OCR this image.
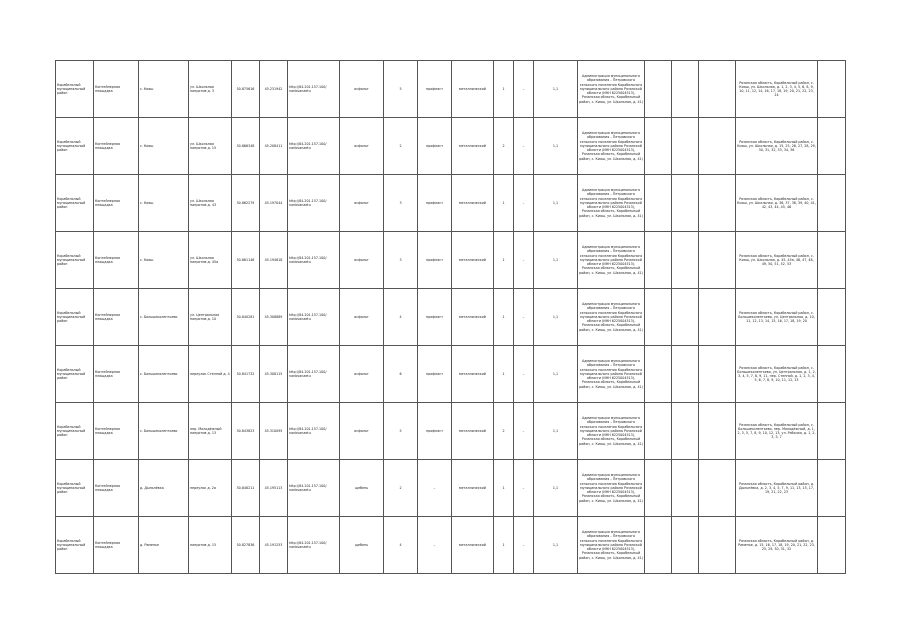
Корабельный муниципальный район	Контейнерная площадка	с. Кияш	ул. Школьная напротив д. 3	50.875616	45.231942	http://84.201.157.100/ nanbvanaetu	асфальт	5	профнаст	металлический	1	–	1,1	Администрация муниципального образования – Петровского сельского поселения Корабельного муниципального района Рязанской области (ИНН 6225004513), Рязанская область, Корабельный район, с. Кияш, ул. Школьная, д. 41)				Рязанская область, Корабельный район, с. Кияш, ул. Школьная, д. 1, 2, 3, 4, 5, 6, 8, 9, 10, 11, 12, 14, 16, 17, 18, 19, 20, 21, 22, 23, 24	
Корабельный муниципальный район	Контейнерная площадка	с. Кияш	ул. Школьная напротив д. 15	50.866348	45.208411	http://84.201.157.100/ nanbvanaetu	асфальт	2	профнаст	металлический	2	–	1,1	Администрация муниципального образования – Петровского сельского поселения Корабельного муниципального района Рязанской области (ИНН 6225004513), Рязанская область, Корабельный район, с. Кияш, ул. Школьная, д. 41)				Рязанская область, Корабельный район, с. Кияш, ул. Школьная, д. 15, 25, 26, 27, 28, 29, 30, 31, 32, 33, 34, 36	
Корабельный муниципальный район	Контейнерная площадка	с. Кияш	ул. Школьная напротив д. 43	50.862279	45.197044	http://84.201.157.100/ nanbvanaetu	асфальт	3	профнаст	металлический	1	–	1,1	Администрация муниципального образования – Петровского сельского поселения Корабельного муниципального района Рязанской области (ИНН 6225004513), Рязанская область, Корабельный район, с. Кияш, ул. Школьная, д. 41)				Рязанская область, Корабельный район, с. Кияш, ул. Школьная, д. 36, 37, 38, 39, 40, 41, 42, 43, 44, 45, 46	
Корабельный муниципальный район	Контейнерная площадка	с. Кияш	ул. Школьная напротив д. 45а	50.861148	45.194818	http://84.201.157.100/ nanbvanaetu	асфальт	3	профнаст	металлический	1	–	1,1	Администрация муниципального образования – Петровского сельского поселения Корабельного муниципального района Рязанской области (ИНН 6225004513), Рязанская область, Корабельный район, с. Кияш, ул. Школьная, д. 41)				Рязанская область, Корабельный район, с. Кияш, ул. Школьная, д. 45, 45а, 46, 47, 48, 49, 50, 51, 52, 53	
Корабельный муниципальный район	Контейнерная площадка	с. Большеколентьево	ул. Центральная напротив д. 10	50.840281	45.308889	http://84.201.157.100/ nanbvanaetu	асфальт	4	профнаст	металлический	1	–	1,1	Администрация муниципального образования – Петровского сельского поселения Корабельного муниципального района Рязанской области (ИНН 6225004513), Рязанская область, Корабельный район, с. Кияш, ул. Школьная, д. 41)				Рязанская область, Корабельный район, с. Большеколентьево, ул. Центральная, д. 10, 11, 12, 13, 14, 15, 16, 17, 18, 19, 20	
Корабельный муниципальный район	Контейнерная площадка	с. Большеколентьево	переулок Степной д. 4	50.841732	45.308115	http://84.201.157.100/ nanbvanaetu	асфальт	6	профнаст	металлический	1	–	1,1	Администрация муниципального образования – Петровского сельского поселения Корабельного муниципального района Рязанской области (ИНН 6225004513), Рязанская область, Корабельный район, с. Кияш, ул. Школьная, д. 41)				Рязанская область, Корабельный район, с. Большеколентьево, ул. Центральная, д. 1, 2, 3, 4, 5, 7, 8, 9, 11, пер. Степной, д. 1, 2, 3, 4, 5, 6, 7, 8, 9, 10, 11, 12, 13	
Корабельный муниципальный район	Контейнерная площадка	с. Большеколентьево	пер. Молодёжный напротив д. 13	50.843823	45.310095	http://84.201.157.100/ nanbvanaetu	асфальт	5	профнаст	металлический	2	–	1,1	Администрация муниципального образования – Петровского сельского поселения Корабельного муниципального района Рязанской области (ИНН 6225004513), Рязанская область, Корабельный район, с. Кияш, ул. Школьная, д. 41)				Рязанская область, Корабельный район, с. Большеколентьево, пер. Молодёжный, д. 1, 2, 3, 5, 7, 8, 9, 10, 12, 13, ул. Рабочая, д. 1, 2, 3, 5, 7	
Корабельный муниципальный район	Контейнерная площадка	д. Дыльнёвка	переулок д. 2а	50.848211	45.195113	http://84.201.157.100/ nanbvanaetu	щебень	2	–	металлический	1	–	1,1	Администрация муниципального образования – Петровского сельского поселения Корабельного муниципального района Рязанской области (ИНН 6225004513), Рязанская область, Корабельный район, с. Кияш, ул. Школьная, д. 41)				Рязанская область, Корабельный район, д. Дыльнёвка, д. 2, 3, 4, 5, 7, 9, 11, 13, 15, 17, 19, 21, 22, 23	
Корабельный муниципальный район	Контейнерная площадка	д. Раменье	напротив д. 15	50.827836	45.191253	http://84.201.157.100/ nanbvanaetu	щебень	4	–	металлический	1	–	1,1	Администрация муниципального образования – Петровского сельского поселения Корабельного муниципального района Рязанской области (ИНН 6225004513), Рязанская область, Корабельный район, с. Кияш, ул. Школьная, д. 41)				Рязанская область, Корабельный район, д. Раменье, д. 15, 16, 17, 18, 19, 20, 21, 22, 23, 25, 29, 30, 31, 32	
